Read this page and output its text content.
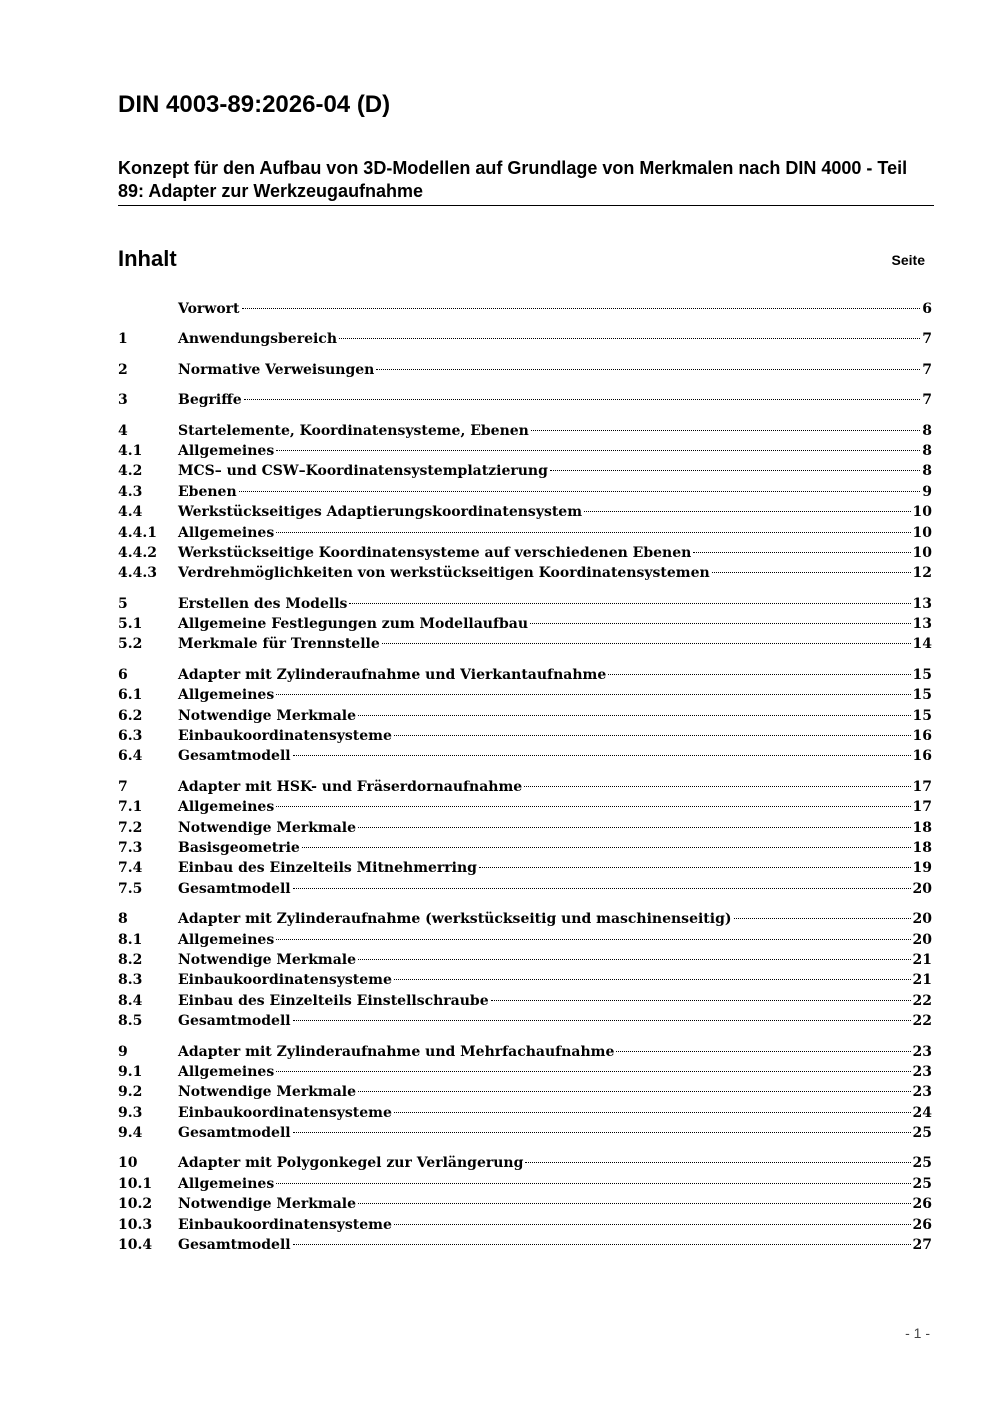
DIN 4003-89:2026-04 (D)
Konzept für den Aufbau von 3D-Modellen auf Grundlage von Merkmalen nach DIN 4000 - Teil 89: Adapter zur Werkzeugaufnahme
Inhalt	Seite
Vorwort	6
1	Anwendungsbereich	7
2	Normative Verweisungen	7
3	Begriffe	7
4	Startelemente, Koordinatensysteme, Ebenen	8
4.1	Allgemeines	8
4.2	MCS– und CSW–Koordinatensystemplatzierung	8
4.3	Ebenen	9
4.4	Werkstückseitiges Adaptierungskoordinatensystem	10
4.4.1	Allgemeines	10
4.4.2	Werkstückseitige Koordinatensysteme auf verschiedenen Ebenen	10
4.4.3	Verdrehmöglichkeiten von werkstückseitigen Koordinatensystemen	12
5	Erstellen des Modells	13
5.1	Allgemeine Festlegungen zum Modellaufbau	13
5.2	Merkmale für Trennstelle	14
6	Adapter mit Zylinderaufnahme und Vierkantaufnahme	15
6.1	Allgemeines	15
6.2	Notwendige Merkmale	15
6.3	Einbaukoordinatensysteme	16
6.4	Gesamtmodell	16
7	Adapter mit HSK- und Fräserdornaufnahme	17
7.1	Allgemeines	17
7.2	Notwendige Merkmale	18
7.3	Basisgeometrie	18
7.4	Einbau des Einzelteils Mitnehmerring	19
7.5	Gesamtmodell	20
8	Adapter mit Zylinderaufnahme (werkstückseitig und maschinenseitig)	20
8.1	Allgemeines	20
8.2	Notwendige Merkmale	21
8.3	Einbaukoordinatensysteme	21
8.4	Einbau des Einzelteils Einstellschraube	22
8.5	Gesamtmodell	22
9	Adapter mit Zylinderaufnahme und Mehrfachaufnahme	23
9.1	Allgemeines	23
9.2	Notwendige Merkmale	23
9.3	Einbaukoordinatensysteme	24
9.4	Gesamtmodell	25
10	Adapter mit Polygonkegel zur Verlängerung	25
10.1	Allgemeines	25
10.2	Notwendige Merkmale	26
10.3	Einbaukoordinatensysteme	26
10.4	Gesamtmodell	27
- 1 -
